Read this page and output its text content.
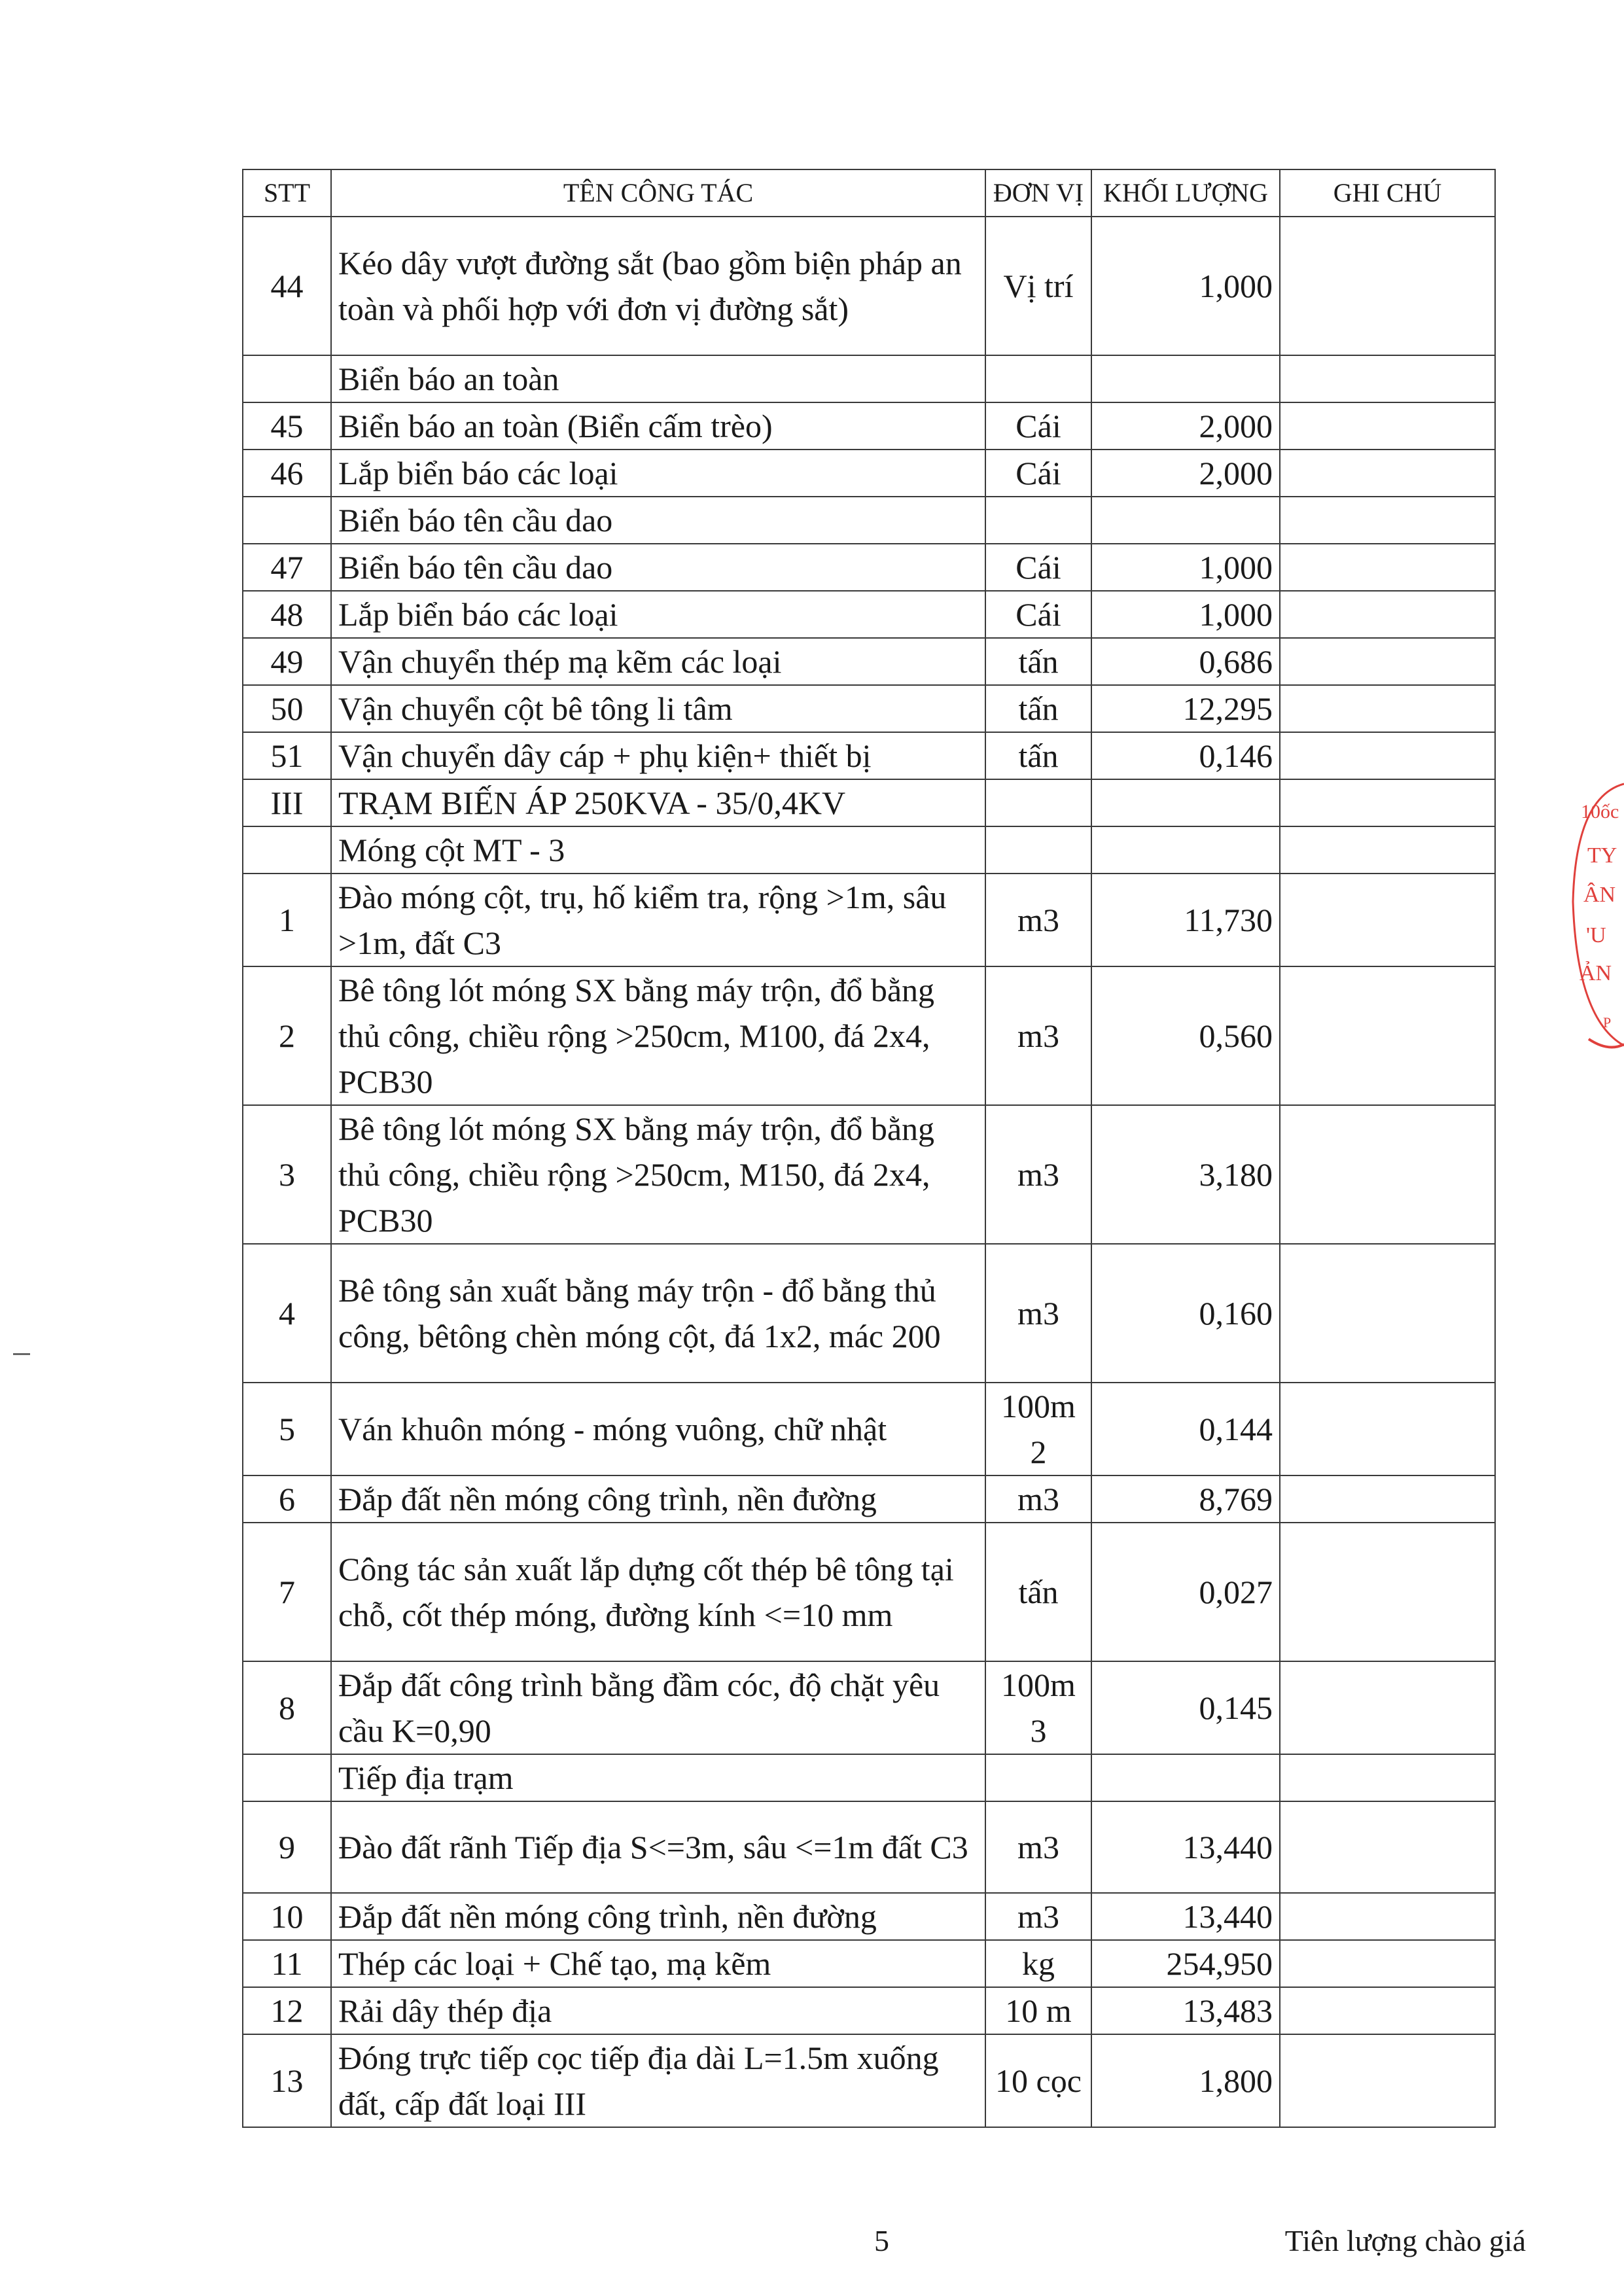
STT	TÊN CÔNG TÁC	ĐƠN VỊ	KHỐI LƯỢNG	GHI CHÚ
44	Kéo dây vượt đường sắt (bao gồm biện pháp an toàn và phối hợp với đơn vị đường sắt)	Vị trí	1,000	
	Biển báo an toàn			
45	Biển báo an toàn (Biển cấm trèo)	Cái	2,000	
46	Lắp biển báo các loại	Cái	2,000	
	Biển báo tên cầu dao			
47	Biển báo tên cầu dao	Cái	1,000	
48	Lắp biển báo các loại	Cái	1,000	
49	Vận chuyển thép mạ kẽm các loại	tấn	0,686	
50	Vận chuyển cột bê tông li tâm	tấn	12,295	
51	Vận chuyển dây cáp + phụ kiện+ thiết bị	tấn	0,146	
III	TRẠM BIẾN ÁP 250KVA - 35/0,4KV			
	Móng cột MT - 3			
1	Đào móng cột, trụ, hố kiểm tra, rộng >1m, sâu >1m, đất C3	m3	11,730	
2	Bê tông lót móng SX bằng máy trộn, đổ bằng thủ công, chiều rộng >250cm, M100, đá 2x4, PCB30	m3	0,560	
3	Bê tông lót móng SX bằng máy trộn, đổ bằng thủ công, chiều rộng >250cm, M150, đá 2x4, PCB30	m3	3,180	
4	Bê tông sản xuất bằng máy trộn - đổ bằng thủ công, bêtông chèn móng cột, đá 1x2, mác 200	m3	0,160	
5	Ván khuôn móng - móng vuông, chữ nhật	100m 2	0,144	
6	Đắp đất nền móng công trình, nền đường	m3	8,769	
7	Công tác sản xuất lắp dựng cốt thép bê tông tại chỗ, cốt thép móng, đường kính <=10 mm	tấn	0,027	
8	Đắp đất công trình bằng đầm cóc, độ chặt yêu cầu K=0,90	100m 3	0,145	
	Tiếp địa trạm			
9	Đào đất rãnh Tiếp địa S<=3m, sâu <=1m đất C3	m3	13,440	
10	Đắp đất nền móng công trình, nền đường	m3	13,440	
11	Thép các loại + Chế tạo, mạ kẽm	kg	254,950	
12	Rải dây thép địa	10 m	13,483	
13	Đóng trực tiếp cọc tiếp địa dài L=1.5m xuống đất, cấp đất loại III	10 cọc	1,800	
10ốc
TY
ÂN
'U
ẢN
P
5	Tiên lượng chào giá
